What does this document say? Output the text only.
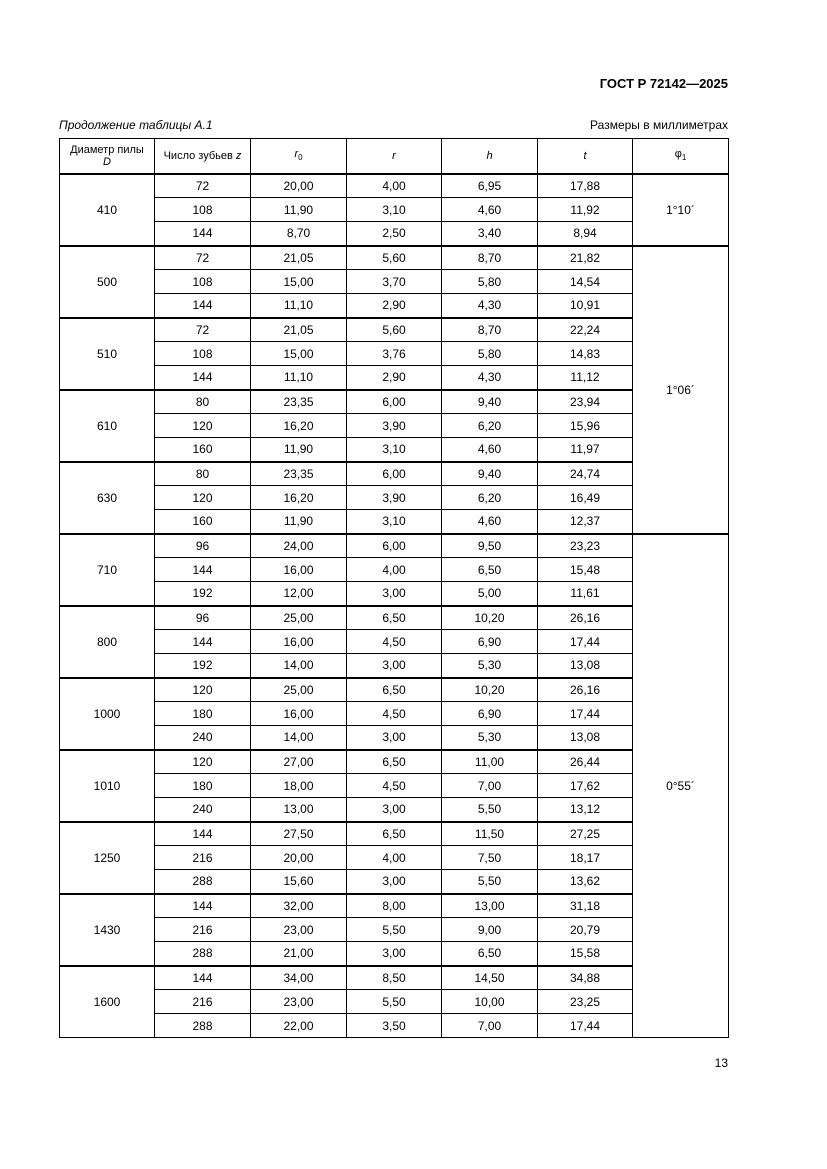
ГОСТ Р 72142—2025
Продолжение таблицы А.1	Размеры в миллиметрах
Диаметр пилы
D	Число зубьев z	$r_0$	r	h	t	$\varphi_1$
410	72	20,00	4,00	6,95	17,88	1°10´
	108	11,90	3,10	4,60	11,92	
	144	8,70	2,50	3,40	8,94	
500	72	21,05	5,60	8,70	21,82	1°06´
	108	15,00	3,70	5,80	14,54	
	144	11,10	2,90	4,30	10,91	
510	72	21,05	5,60	8,70	22,24	
	108	15,00	3,76	5,80	14,83	
	144	11,10	2,90	4,30	11,12	
610	80	23,35	6,00	9,40	23,94	
	120	16,20	3,90	6,20	15,96	
	160	11,90	3,10	4,60	11,97	
630	80	23,35	6,00	9,40	24,74	
	120	16,20	3,90	6,20	16,49	
	160	11,90	3,10	4,60	12,37	
710	96	24,00	6,00	9,50	23,23	0°55´
	144	16,00	4,00	6,50	15,48	
	192	12,00	3,00	5,00	11,61	
800	96	25,00	6,50	10,20	26,16	
	144	16,00	4,50	6,90	17,44	
	192	14,00	3,00	5,30	13,08	
1000	120	25,00	6,50	10,20	26,16	
	180	16,00	4,50	6,90	17,44	
	240	14,00	3,00	5,30	13,08	
1010	120	27,00	6,50	11,00	26,44	
	180	18,00	4,50	7,00	17,62	
	240	13,00	3,00	5,50	13,12	
1250	144	27,50	6,50	11,50	27,25	
	216	20,00	4,00	7,50	18,17	
	288	15,60	3,00	5,50	13,62	
1430	144	32,00	8,00	13,00	31,18	
	216	23,00	5,50	9,00	20,79	
	288	21,00	3,00	6,50	15,58	
1600	144	34,00	8,50	14,50	34,88	
	216	23,00	5,50	10,00	23,25	
	288	22,00	3,50	7,00	17,44	
13
